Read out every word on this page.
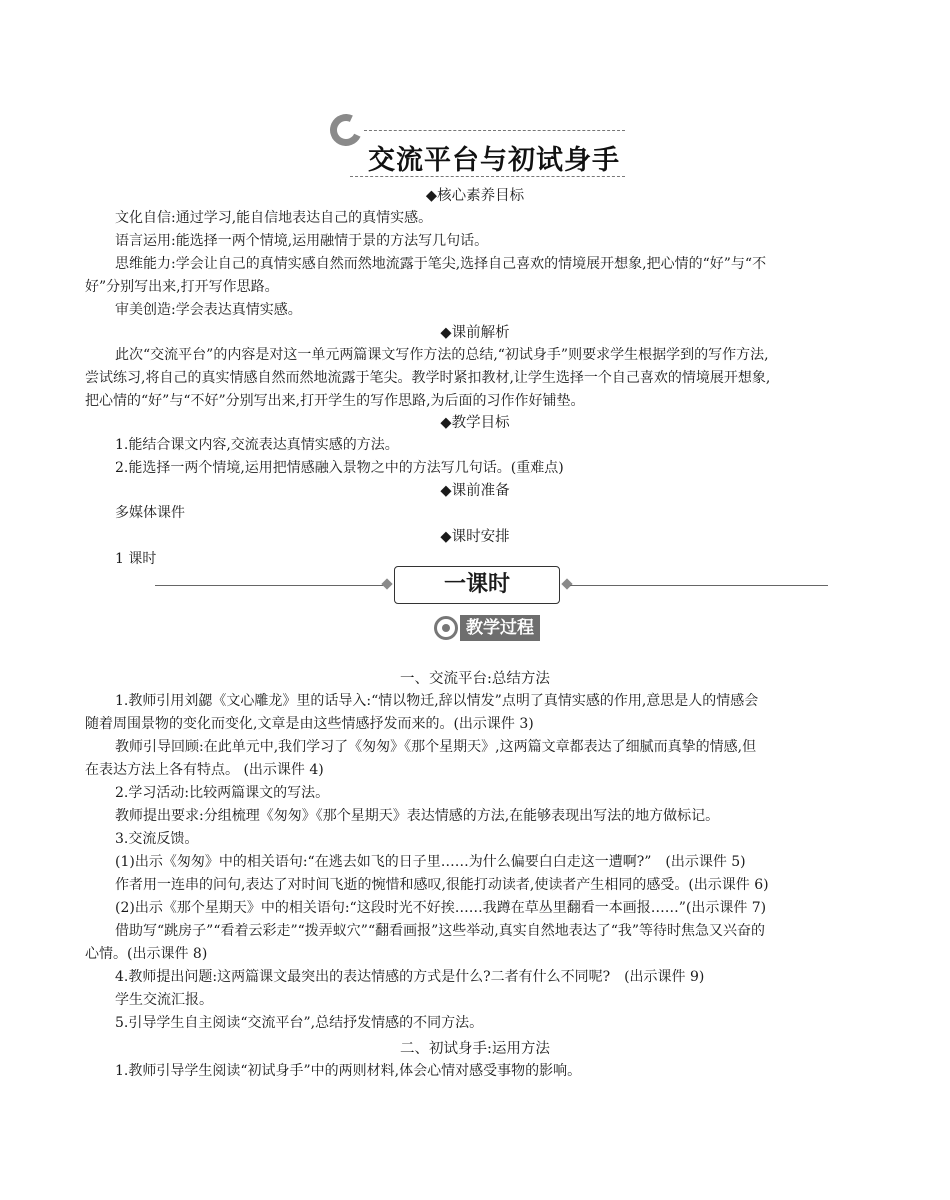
交流平台与初试身手
◆核心素养目标
文化自信:通过学习,能自信地表达自己的真情实感。
语言运用:能选择一两个情境,运用融情于景的方法写几句话。
思维能力:学会让自己的真情实感自然而然地流露于笔尖,选择自己喜欢的情境展开想象,把心情的“好”与“不
好”分别写出来,打开写作思路。
审美创造:学会表达真情实感。
◆课前解析
此次“交流平台”的内容是对这一单元两篇课文写作方法的总结,“初试身手”则要求学生根据学到的写作方法,
尝试练习,将自己的真实情感自然而然地流露于笔尖。教学时紧扣教材,让学生选择一个自己喜欢的情境展开想象,
把心情的“好”与“不好”分别写出来,打开学生的写作思路,为后面的习作作好铺垫。
◆教学目标
1.能结合课文内容,交流表达真情实感的方法。
2.能选择一两个情境,运用把情感融入景物之中的方法写几句话。(重难点)
◆课前准备
多媒体课件
◆课时安排
1 课时
一课时
教学过程
一、交流平台:总结方法
1.教师引用刘勰《文心雕龙》里的话导入:“情以物迁,辞以情发”点明了真情实感的作用,意思是人的情感会
随着周围景物的变化而变化,文章是由这些情感抒发而来的。(出示课件 3)
教师引导回顾:在此单元中,我们学习了《匆匆》《那个星期天》,这两篇文章都表达了细腻而真挚的情感,但
在表达方法上各有特点。 (出示课件 4)
2.学习活动:比较两篇课文的写法。
教师提出要求:分组梳理《匆匆》《那个星期天》表达情感的方法,在能够表现出写法的地方做标记。
3.交流反馈。
(1)出示《匆匆》中的相关语句:“在逃去如飞的日子里……为什么偏要白白走这一遭啊?”　(出示课件 5)
作者用一连串的问句,表达了对时间飞逝的惋惜和感叹,很能打动读者,使读者产生相同的感受。(出示课件 6)
(2)出示《那个星期天》中的相关语句:“这段时光不好挨……我蹲在草丛里翻看一本画报……”(出示课件 7)
借助写“跳房子”“看着云彩走”“拨弄蚁穴”“翻看画报”这些举动,真实自然地表达了“我”等待时焦急又兴奋的
心情。(出示课件 8)
4.教师提出问题:这两篇课文最突出的表达情感的方式是什么?二者有什么不同呢?　(出示课件 9)
学生交流汇报。
5.引导学生自主阅读“交流平台”,总结抒发情感的不同方法。
二、初试身手:运用方法
1.教师引导学生阅读“初试身手”中的两则材料,体会心情对感受事物的影响。
